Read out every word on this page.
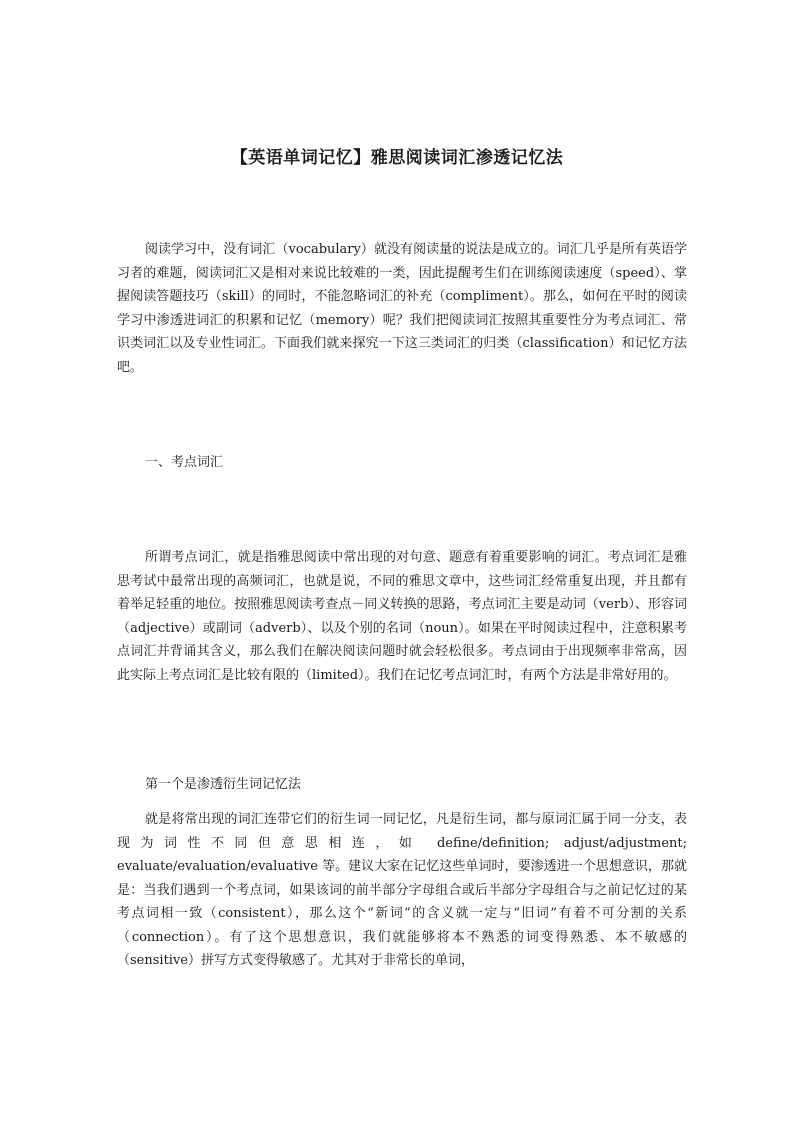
【英语单词记忆】雅思阅读词汇渗透记忆法

阅读学习中，没有词汇（vocabulary）就没有阅读量的说法是成立的。词汇几乎是所有英语学习者的难题，阅读词汇又是相对来说比较难的一类，因此提醒考生们在训练阅读速度（speed）、掌握阅读答题技巧（skill）的同时，不能忽略词汇的补充（compliment）。那么，如何在平时的阅读学习中渗透进词汇的积累和记忆（memory）呢？我们把阅读词汇按照其重要性分为考点词汇、常识类词汇以及专业性词汇。下面我们就来探究一下这三类词汇的归类（classification）和记忆方法吧。

一、考点词汇

所谓考点词汇，就是指雅思阅读中常出现的对句意、题意有着重要影响的词汇。考点词汇是雅思考试中最常出现的高频词汇，也就是说，不同的雅思文章中，这些词汇经常重复出现，并且都有着举足轻重的地位。按照雅思阅读考查点－同义转换的思路，考点词汇主要是动词（verb）、形容词（adjective）或副词（adverb）、以及个别的名词（noun）。如果在平时阅读过程中，注意积累考点词汇并背诵其含义，那么我们在解决阅读问题时就会轻松很多。考点词由于出现频率非常高，因此实际上考点词汇是比较有限的（limited）。我们在记忆考点词汇时，有两个方法是非常好用的。

第一个是渗透衍生词记忆法

就是将常出现的词汇连带它们的衍生词一同记忆，凡是衍生词，都与原词汇属于同一分支，表现为词性不同但意思相连，如 define/definition; adjust/adjustment; evaluate/evaluation/evaluative 等。建议大家在记忆这些单词时，要渗透进一个思想意识，那就是：当我们遇到一个考点词，如果该词的前半部分字母组合或后半部分字母组合与之前记忆过的某考点词相一致（consistent），那么这个“新词”的含义就一定与“旧词”有着不可分割的关系（connection）。有了这个思想意识，我们就能够将本不熟悉的词变得熟悉、本不敏感的（sensitive）拼写方式变得敏感了。尤其对于非常长的单词，
